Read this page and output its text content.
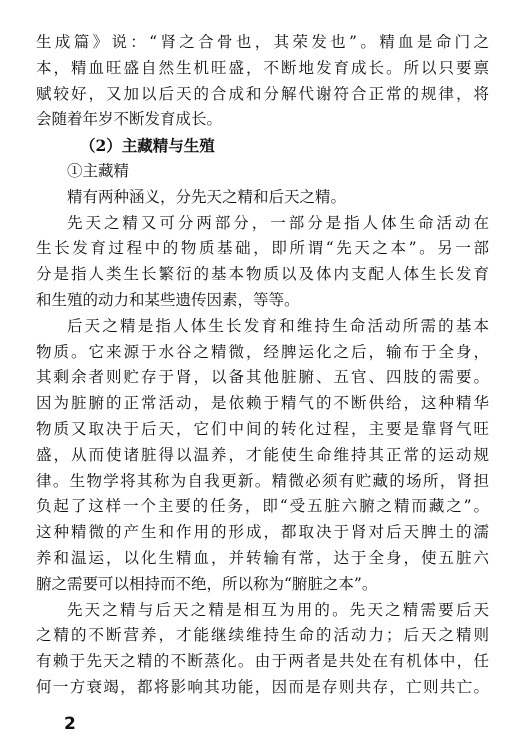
生成篇》说：“肾之合骨也，其荣发也”。精血是命门之
本，精血旺盛自然生机旺盛，不断地发育成长。所以只要禀
赋较好，又加以后天的合成和分解代谢符合正常的规律，将
会随着年岁不断发育成长。
（2）主藏精与生殖
①主藏精
精有两种涵义，分先天之精和后天之精。
先天之精又可分两部分，一部分是指人体生命活动在
生长发育过程中的物质基础，即所谓“先天之本”。另一部
分是指人类生长繁衍的基本物质以及体内支配人体生长发育
和生殖的动力和某些遗传因素，等等。
后天之精是指人体生长发育和维持生命活动所需的基本
物质。它来源于水谷之精微，经脾运化之后，输布于全身，
其剩余者则贮存于肾，以备其他脏腑、五官、四肢的需要。
因为脏腑的正常活动，是依赖于精气的不断供给，这种精华
物质又取决于后天，它们中间的转化过程，主要是靠肾气旺
盛，从而使诸脏得以温养，才能使生命维持其正常的运动规
律。生物学将其称为自我更新。精微必须有贮藏的场所，肾担
负起了这样一个主要的任务，即“受五脏六腑之精而藏之”。
这种精微的产生和作用的形成，都取决于肾对后天脾土的濡
养和温运，以化生精血，并转输有常，达于全身，使五脏六
腑之需要可以相持而不绝，所以称为“腑脏之本”。
先天之精与后天之精是相互为用的。先天之精需要后天
之精的不断营养，才能继续维持生命的活动力；后天之精则
有赖于先天之精的不断蒸化。由于两者是共处在有机体中，任
何一方衰竭，都将影响其功能，因而是存则共存，亡则共亡。
2
